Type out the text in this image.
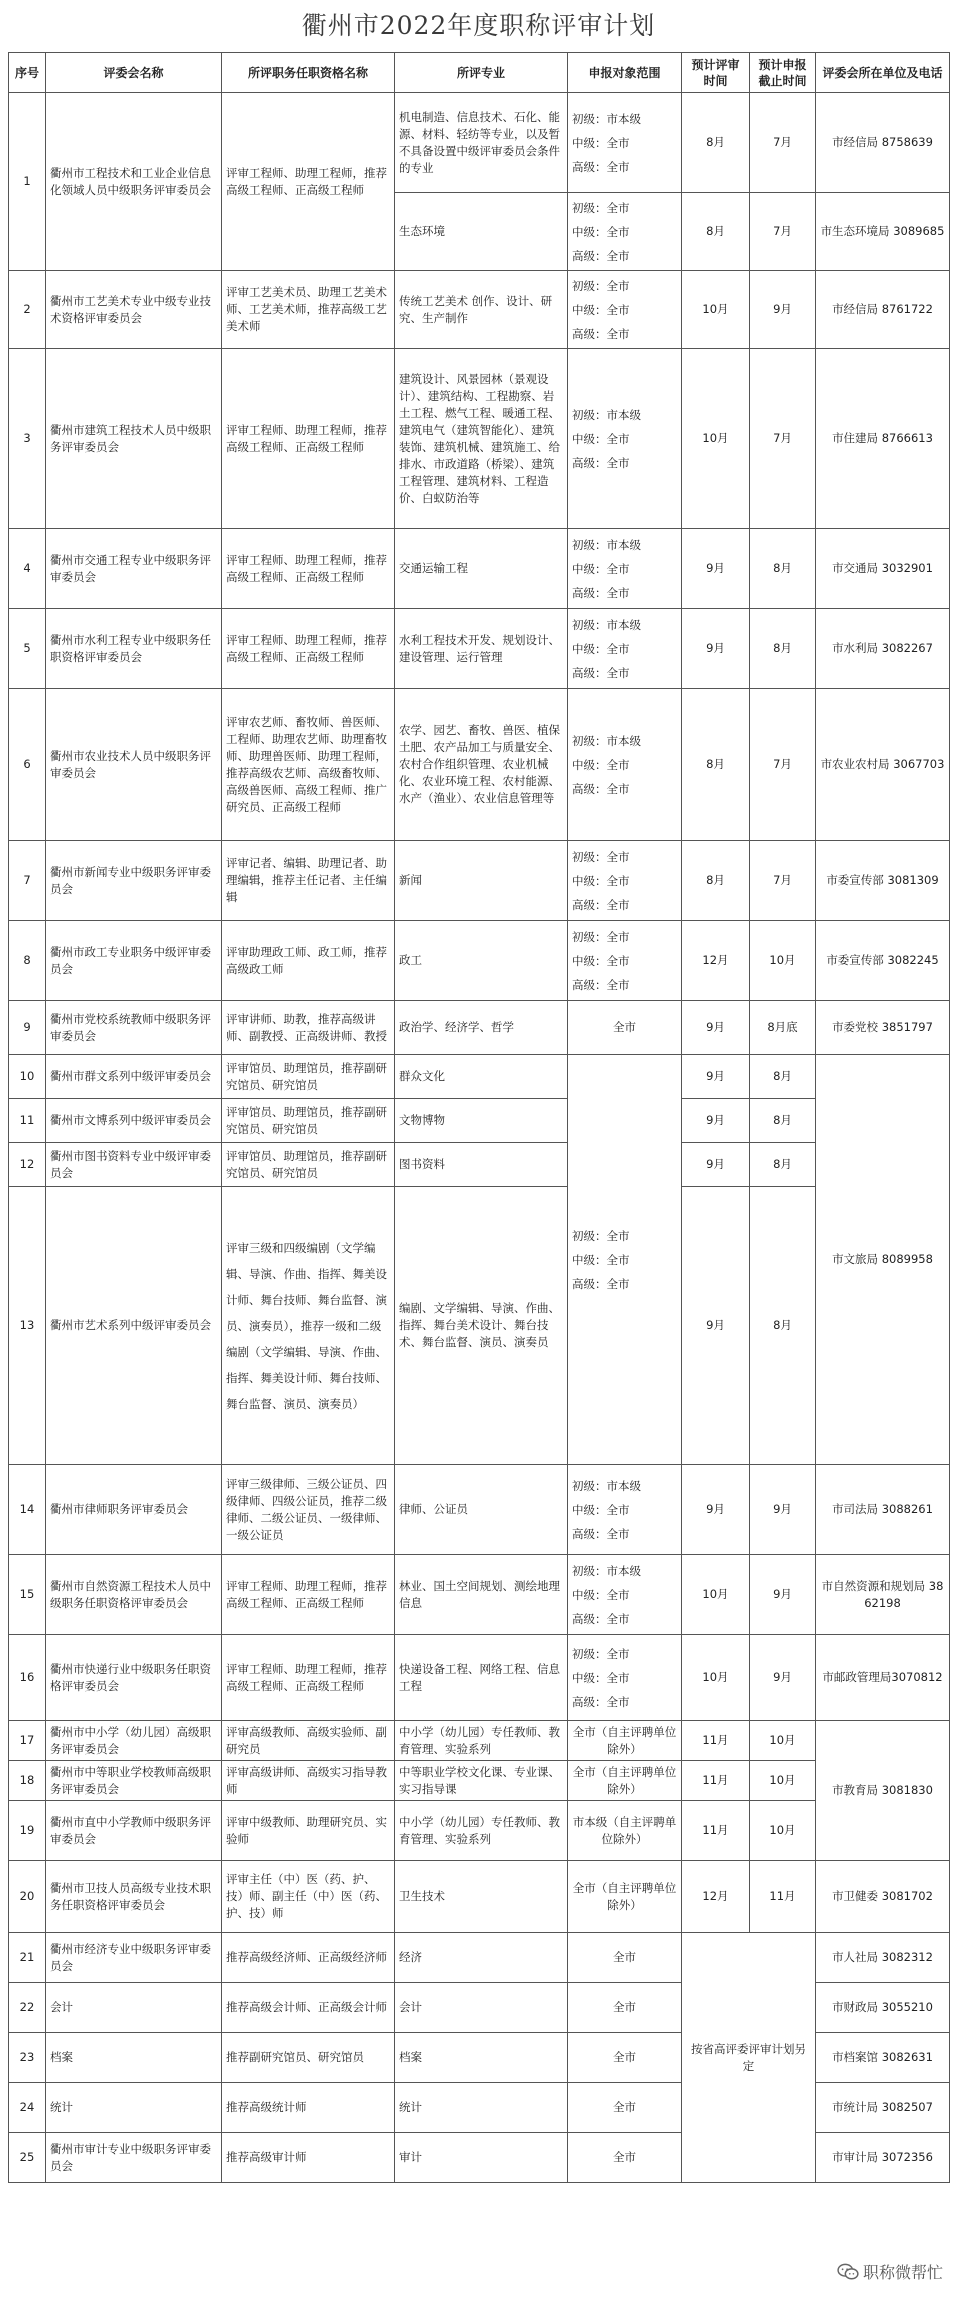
衢州市2022年度职称评审计划
序号	评委会名称	所评职务任职资格名称	所评专业	申报对象范围	预计评审时间	预计申报截止时间	评委会所在单位及电话
1	衢州市工程技术和工业企业信息化领域人员中级职务评审委员会	评审工程师、助理工程师，推荐高级工程师、正高级工程师	机电制造、信息技术、石化、能源、材料、轻纺等专业，以及暂不具备设置中级评审委员会条件的专业	初级：市本级
中级：全市
高级：全市	8月	7月	市经信局 8758639
			生态环境	初级：全市
中级：全市
高级：全市	8月	7月	市生态环境局 3089685
2	衢州市工艺美术专业中级专业技术资格评审委员会	评审工艺美术员、助理工艺美术师、工艺美术师，推荐高级工艺美术师	传统工艺美术 创作、设计、研究、生产制作	初级：全市
中级：全市
高级：全市	10月	9月	市经信局 8761722
3	衢州市建筑工程技术人员中级职务评审委员会	评审工程师、助理工程师，推荐高级工程师、正高级工程师	建筑设计、风景园林（景观设计）、建筑结构、工程勘察、岩土工程、燃气工程、暖通工程、建筑电气（建筑智能化）、建筑装饰、建筑机械、建筑施工、给排水、市政道路（桥梁）、建筑工程管理、建筑材料、工程造价、白蚁防治等	初级：市本级
中级：全市
高级：全市	10月	7月	市住建局 8766613
4	衢州市交通工程专业中级职务评审委员会	评审工程师、助理工程师，推荐高级工程师、正高级工程师	交通运输工程	初级：市本级
中级：全市
高级：全市	9月	8月	市交通局 3032901
5	衢州市水利工程专业中级职务任职资格评审委员会	评审工程师、助理工程师，推荐高级工程师、正高级工程师	水利工程技术开发、规划设计、建设管理、运行管理	初级：市本级
中级：全市
高级：全市	9月	8月	市水利局 3082267
6	衢州市农业技术人员中级职务评审委员会	评审农艺师、畜牧师、兽医师、工程师、助理农艺师、助理畜牧师、助理兽医师、助理工程师，推荐高级农艺师、高级畜牧师、高级兽医师、高级工程师、推广研究员、正高级工程师	农学、园艺、畜牧、兽医、植保土肥、农产品加工与质量安全、农村合作组织管理、农业机械化、农业环境工程、农村能源、水产（渔业）、农业信息管理等	初级：市本级
中级：全市
高级：全市	8月	7月	市农业农村局 3067703
7	衢州市新闻专业中级职务评审委员会	评审记者、编辑、助理记者、助理编辑，推荐主任记者、主任编辑	新闻	初级：全市
中级：全市
高级：全市	8月	7月	市委宣传部 3081309
8	衢州市政工专业职务中级评审委员会	评审助理政工师、政工师，推荐高级政工师	政工	初级：全市
中级：全市
高级：全市	12月	10月	市委宣传部 3082245
9	衢州市党校系统教师中级职务评审委员会	评审讲师、助教，推荐高级讲师、副教授、正高级讲师、教授	政治学、经济学、哲学	全市	9月	8月底	市委党校 3851797
10	衢州市群文系列中级评审委员会	评审馆员、助理馆员，推荐副研究馆员、研究馆员	群众文化	初级：全市
中级：全市
高级：全市	9月	8月	市文旅局 8089958
11	衢州市文博系列中级评审委员会	评审馆员、助理馆员，推荐副研究馆员、研究馆员	文物博物		9月	8月	
12	衢州市图书资料专业中级评审委员会	评审馆员、助理馆员，推荐副研究馆员、研究馆员	图书资料		9月	8月	
13	衢州市艺术系列中级评审委员会	评审三级和四级编剧（文学编辑、导演、作曲、指挥、舞美设计师、舞台技师、舞台监督、演员、演奏员），推荐一级和二级编剧（文学编辑、导演、作曲、指挥、舞美设计师、舞台技师、舞台监督、演员、演奏员）	编剧、文学编辑、导演、作曲、指挥、舞台美术设计、舞台技术、舞台监督、演员、演奏员		9月	8月	
14	衢州市律师职务评审委员会	评审三级律师、三级公证员、四级律师、四级公证员，推荐二级律师、二级公证员、一级律师、一级公证员	律师、公证员	初级：市本级
中级：全市
高级：全市	9月	9月	市司法局 3088261
15	衢州市自然资源工程技术人员中级职务任职资格评审委员会	评审工程师、助理工程师，推荐高级工程师、正高级工程师	林业、国土空间规划、测绘地理信息	初级：市本级
中级：全市
高级：全市	10月	9月	市自然资源和规划局 3862198
16	衢州市快递行业中级职务任职资格评审委员会	评审工程师、助理工程师，推荐高级工程师、正高级工程师	快递设备工程、网络工程、信息工程	初级：全市
中级：全市
高级：全市	10月	9月	市邮政管理局3070812
17	衢州市中小学（幼儿园）高级职务评审委员会	评审高级教师、高级实验师、副研究员	中小学（幼儿园）专任教师、教育管理、实验系列	全市（自主评聘单位除外）	11月	10月	市教育局 3081830
18	衢州市中等职业学校教师高级职务评审委员会	评审高级讲师、高级实习指导教师	中等职业学校文化课、专业课、实习指导课	全市（自主评聘单位除外）	11月	10月	
19	衢州市直中小学教师中级职务评审委员会	评审中级教师、助理研究员、实验师	中小学（幼儿园）专任教师、教育管理、实验系列	市本级（自主评聘单位除外）	11月	10月	
20	衢州市卫技人员高级专业技术职务任职资格评审委员会	评审主任（中）医（药、护、技）师、副主任（中）医（药、护、技）师	卫生技术	全市（自主评聘单位除外）	12月	11月	市卫健委 3081702
21	衢州市经济专业中级职务评审委员会	推荐高级经济师、正高级经济师	经济	全市	按省高评委评审计划另定		市人社局 3082312
22	会计	推荐高级会计师、正高级会计师	会计	全市			市财政局 3055210
23	档案	推荐副研究馆员、研究馆员	档案	全市			市档案馆 3082631
24	统计	推荐高级统计师	统计	全市			市统计局 3082507
25	衢州市审计专业中级职务评审委员会	推荐高级审计师	审计	全市			市审计局 3072356
职称微帮忙
